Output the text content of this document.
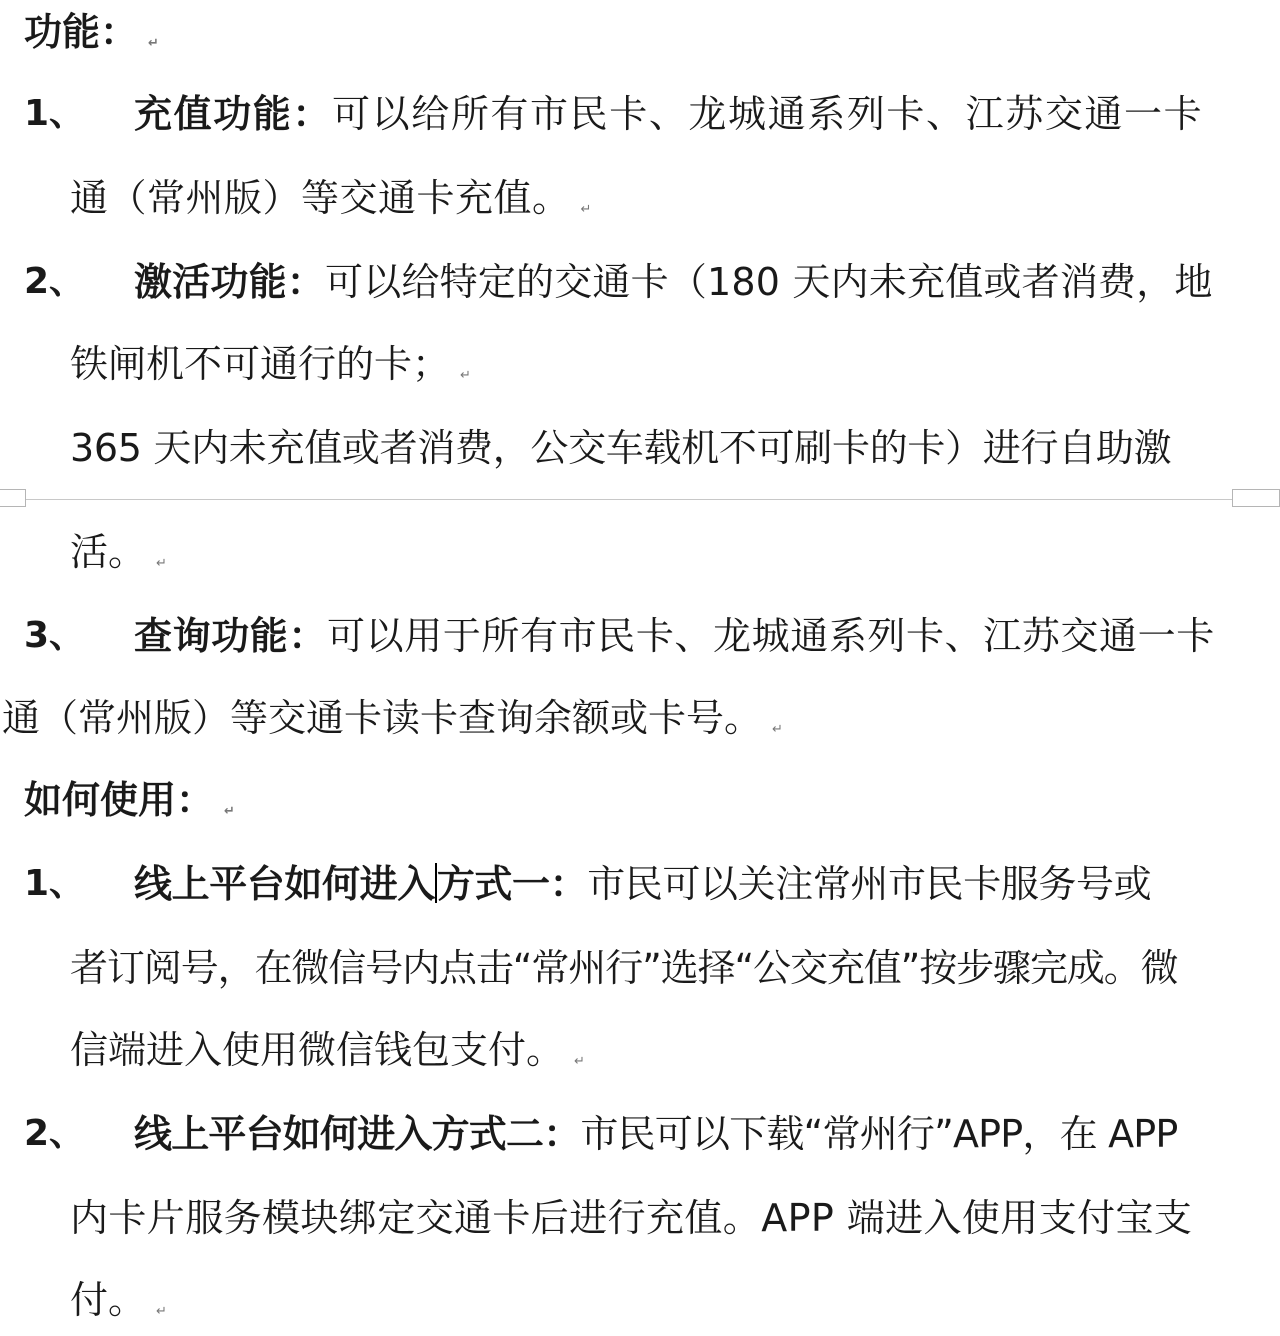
功能： ↵
1、 充值功能：可以给所有市民卡、龙城通系列卡、江苏交通一卡
通（常州版）等交通卡充值。 ↵
2、 激活功能：可以给特定的交通卡（180 天内未充值或者消费，地
铁闸机不可通行的卡； ↵
365 天内未充值或者消费，公交车载机不可刷卡的卡）进行自助激
活。 ↵
3、 查询功能：可以用于所有市民卡、龙城通系列卡、江苏交通一卡
通（常州版）等交通卡读卡查询余额或卡号。 ↵
如何使用： ↵
1、 线上平台如何进入方式一：市民可以关注常州市民卡服务号或
者订阅号，在微信号内点击“常州行”选择“公交充值”按步骤完成。微
信端进入使用微信钱包支付。 ↵
2、 线上平台如何进入方式二：市民可以下载“常州行”APP，在 APP
内卡片服务模块绑定交通卡后进行充值。APP 端进入使用支付宝支
付。 ↵
